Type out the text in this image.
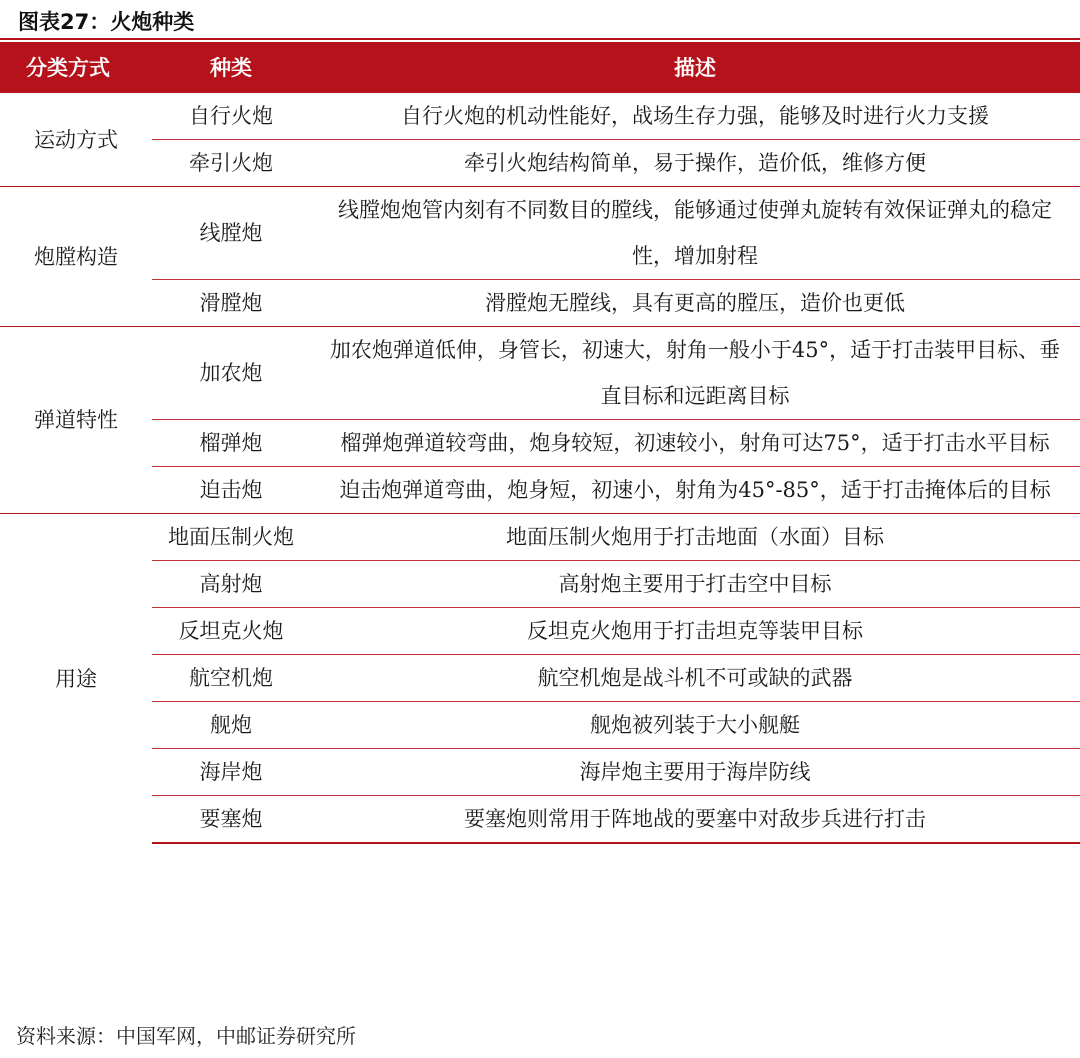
图表27：火炮种类
分类方式	种类	描述
运动方式	自行火炮	自行火炮的机动性能好，战场生存力强，能够及时进行火力支援
	牵引火炮	牵引火炮结构简单，易于操作，造价低，维修方便
炮膛构造	线膛炮	线膛炮炮管内刻有不同数目的膛线，能够通过使弹丸旋转有效保证弹丸的稳定性，增加射程
	滑膛炮	滑膛炮无膛线，具有更高的膛压，造价也更低
弹道特性	加农炮	加农炮弹道低伸，身管长，初速大，射角一般小于45°，适于打击装甲目标、垂直目标和远距离目标
	榴弹炮	榴弹炮弹道较弯曲，炮身较短，初速较小，射角可达75°，适于打击水平目标
	迫击炮	迫击炮弹道弯曲，炮身短，初速小，射角为45°-85°，适于打击掩体后的目标
用途	地面压制火炮	地面压制火炮用于打击地面（水面）目标
	高射炮	高射炮主要用于打击空中目标
	反坦克火炮	反坦克火炮用于打击坦克等装甲目标
	航空机炮	航空机炮是战斗机不可或缺的武器
	舰炮	舰炮被列装于大小舰艇
	海岸炮	海岸炮主要用于海岸防线
	要塞炮	要塞炮则常用于阵地战的要塞中对敌步兵进行打击
资料来源：中国军网，中邮证券研究所
